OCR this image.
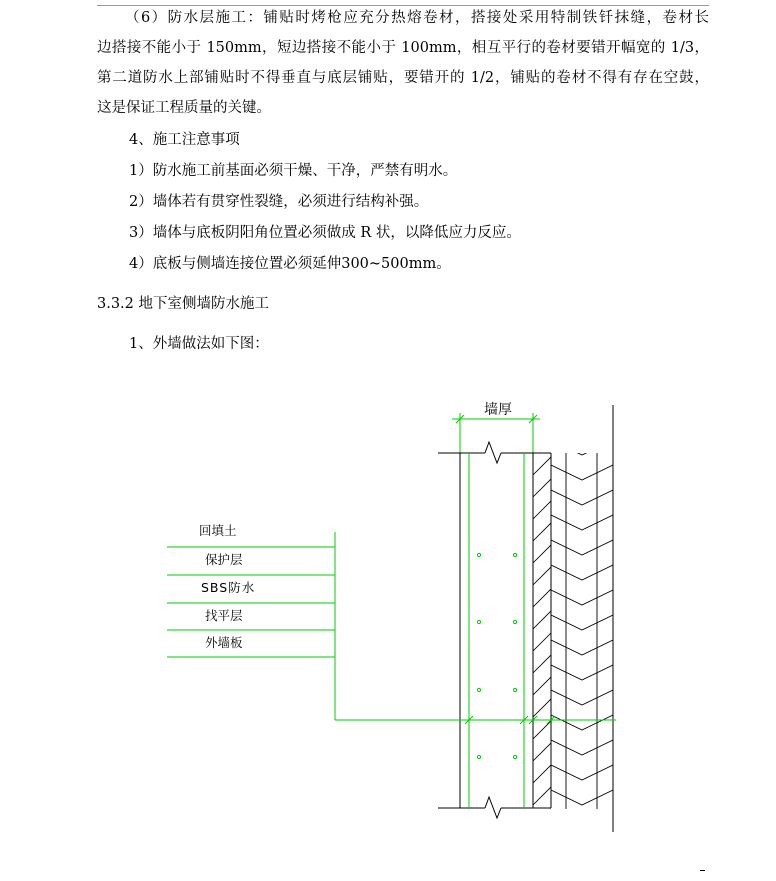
（6）防水层施工：铺贴时烤枪应充分热熔卷材，搭接处采用特制铁钎抹缝，卷材长

边搭接不能小于 150mm，短边搭接不能小于 100mm，相互平行的卷材要错开幅宽的 1/3，

第二道防水上部铺贴时不得垂直与底层铺贴，要错开的 1/2，铺贴的卷材不得有存在空鼓，

这是保证工程质量的关键。

4、施工注意事项

1）防水施工前基面必须干燥、干净，严禁有明水。

2）墙体若有贯穿性裂缝，必须进行结构补强。

3）墙体与底板阴阳角位置必须做成 R 状，以降低应力反应。

4）底板与侧墙连接位置必须延伸300~500mm。

3.3.2 地下室侧墙防水施工

1、外墙做法如下图：

墙厚
回填土
保护层
SBS防水
找平层
外墙板
